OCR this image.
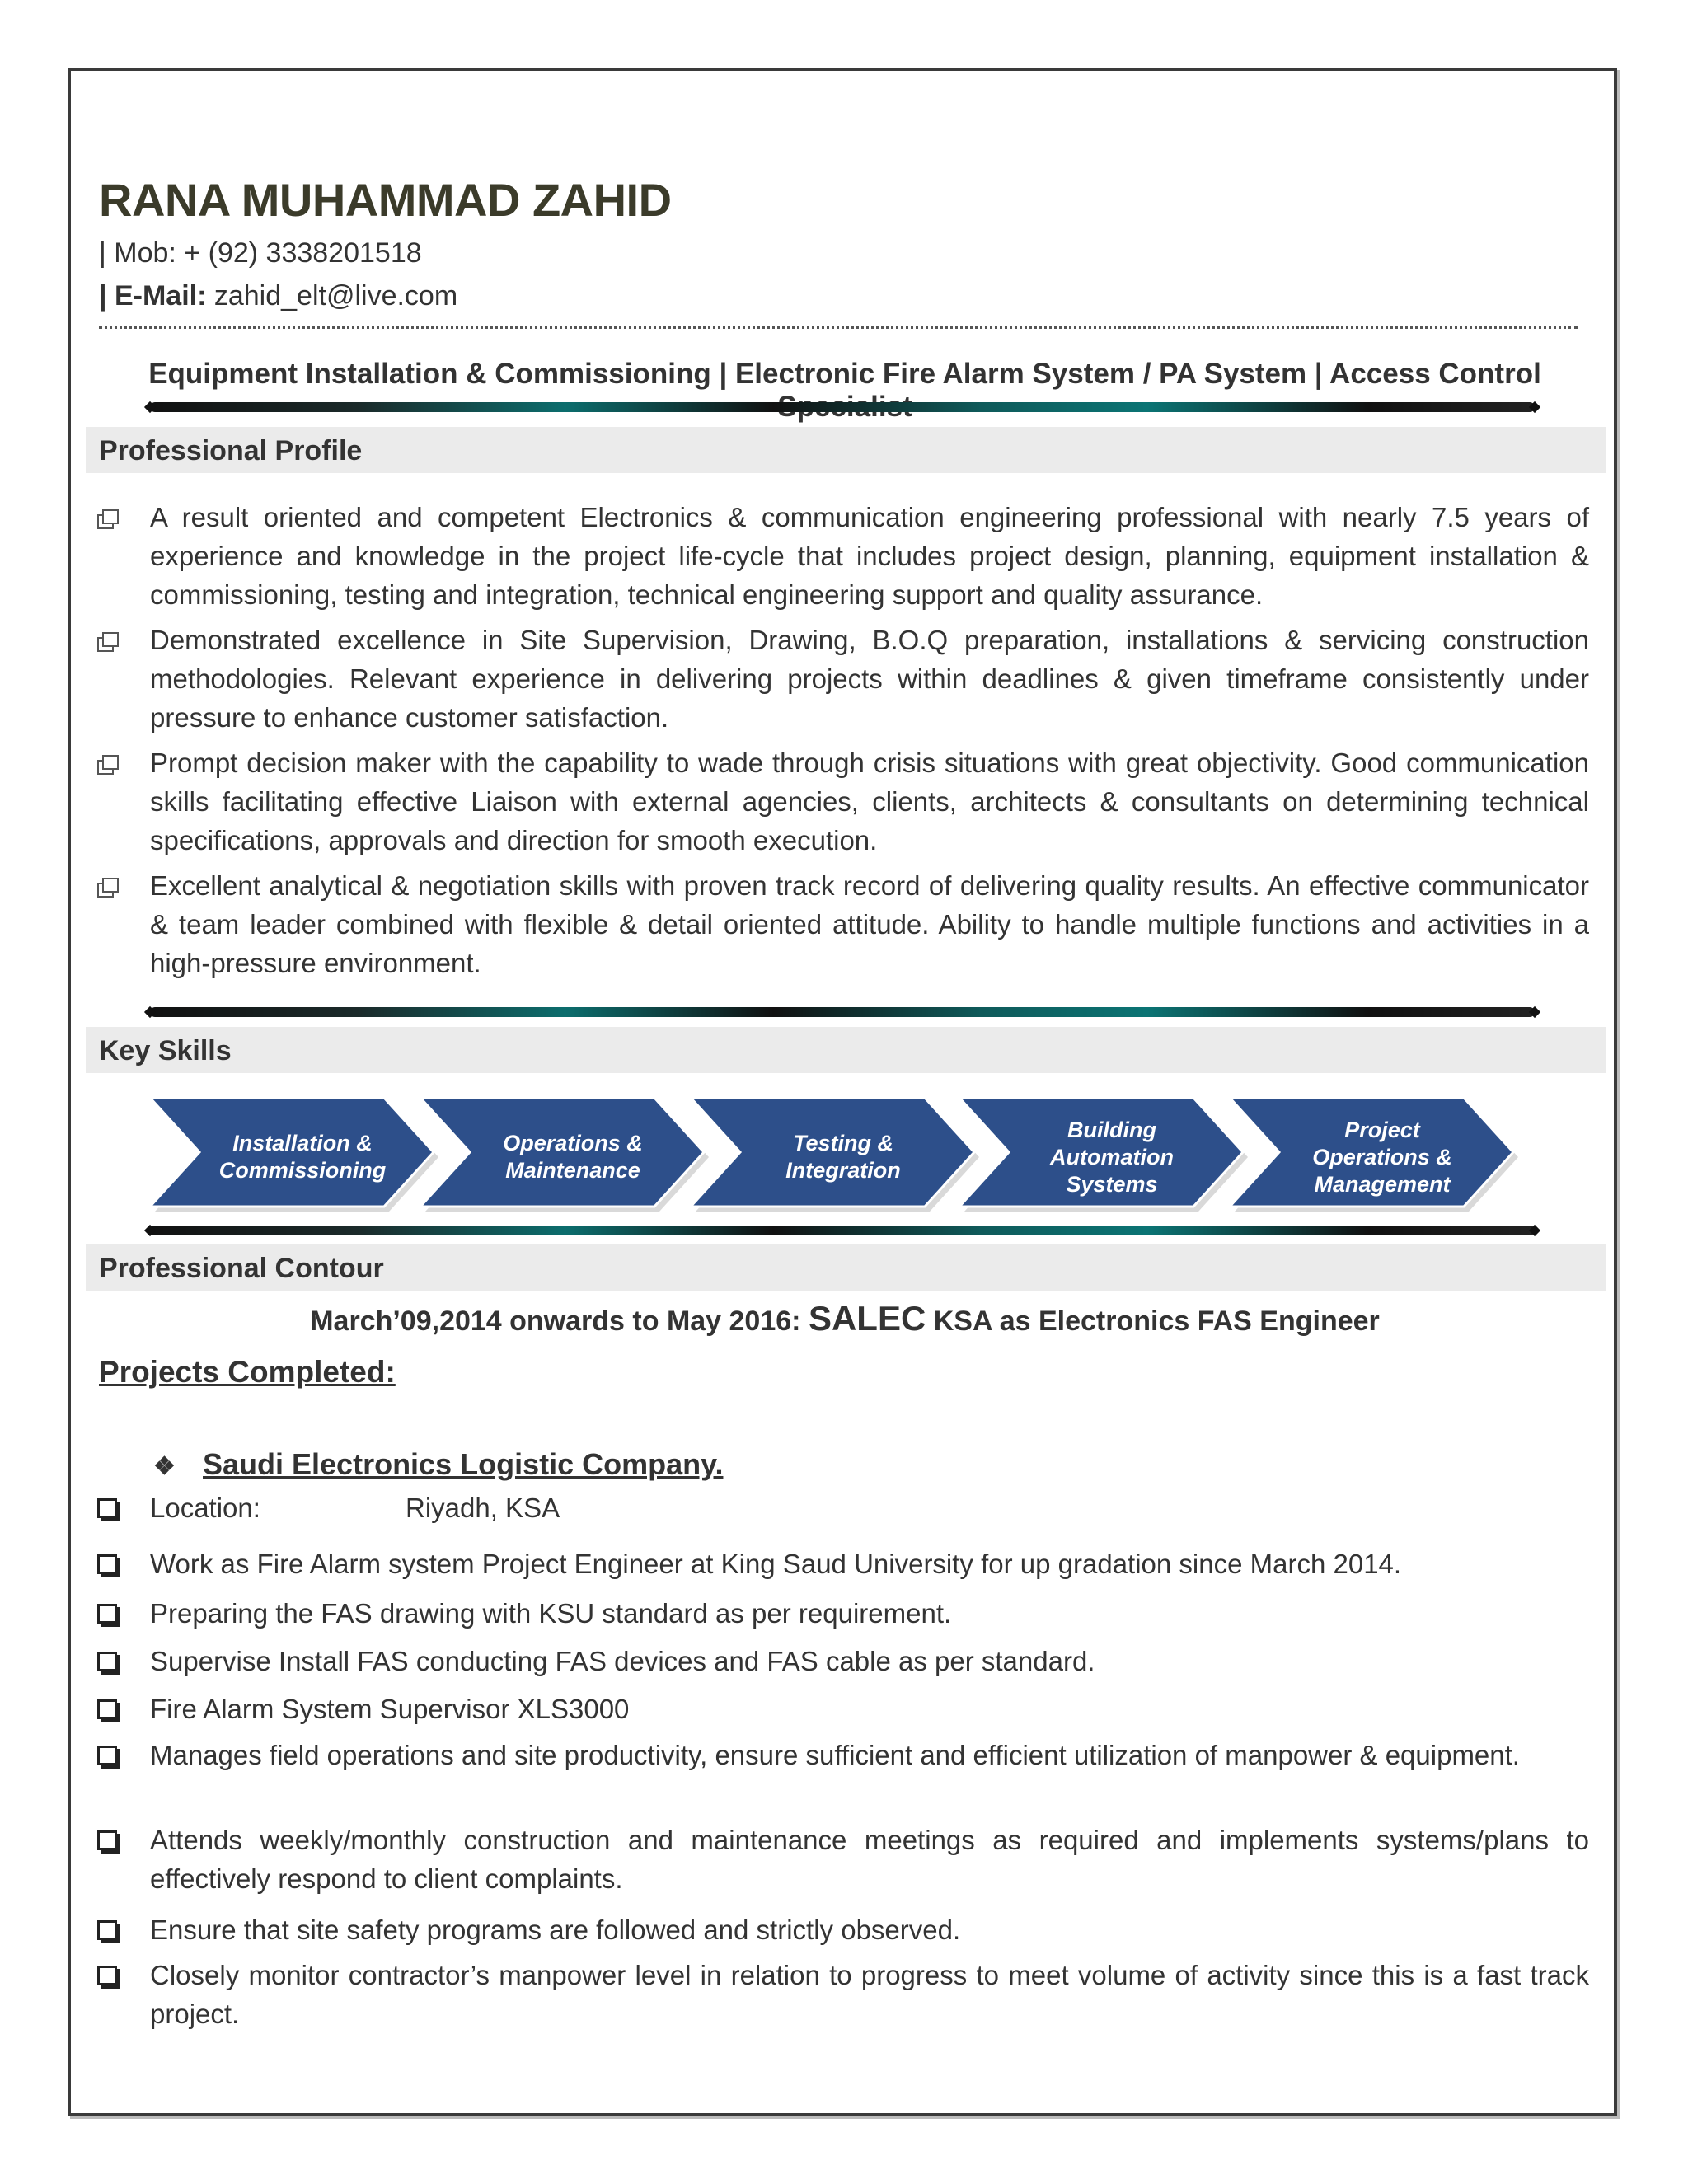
RANA MUHAMMAD ZAHID
| Mob: + (92) 3338201518
| E-Mail: zahid_elt@live.com
Equipment Installation & Commissioning | Electronic Fire Alarm System / PA System | Access Control
Professional Profile
A result oriented and competent Electronics & communication engineering professional with nearly 7.5 years of experience and knowledge in the project life-cycle that includes project design, planning, equipment installation & commissioning, testing and integration, technical engineering support and quality assurance.
Demonstrated excellence in Site Supervision, Drawing, B.O.Q preparation, installations & servicing construction methodologies. Relevant experience in delivering projects within deadlines & given timeframe consistently under pressure to enhance customer satisfaction.
Prompt decision maker with the capability to wade through crisis situations with great objectivity. Good communication skills facilitating effective Liaison with external agencies, clients, architects & consultants on determining technical specifications, approvals and direction for smooth execution.
Excellent analytical & negotiation skills with proven track record of delivering quality results. An effective communicator & team leader combined with flexible & detail oriented attitude. Ability to handle multiple functions and activities in a high-pressure environment.
Key Skills
Installation & Commissioning
Operations & Maintenance
Testing & Integration
Building Automation Systems
Project Operations & Management
Professional Contour
March’09,2014 onwards to May 2016: SALEC KSA as Electronics FAS Engineer
Projects Completed:
❖ Saudi Electronics Logistic Company.
Location:	Riyadh, KSA
Work as Fire Alarm system Project Engineer at King Saud University for up gradation since March 2014.
Preparing the FAS drawing with KSU standard as per requirement.
Supervise Install FAS conducting FAS devices and FAS cable as per standard.
Fire Alarm System Supervisor XLS3000
Manages field operations and site productivity, ensure sufficient and efficient utilization of manpower & equipment.
Attends weekly/monthly construction and maintenance meetings as required and implements systems/plans to effectively respond to client complaints.
Ensure that site safety programs are followed and strictly observed.
Closely monitor contractor’s manpower level in relation to progress to meet volume of activity since this is a fast track project.
